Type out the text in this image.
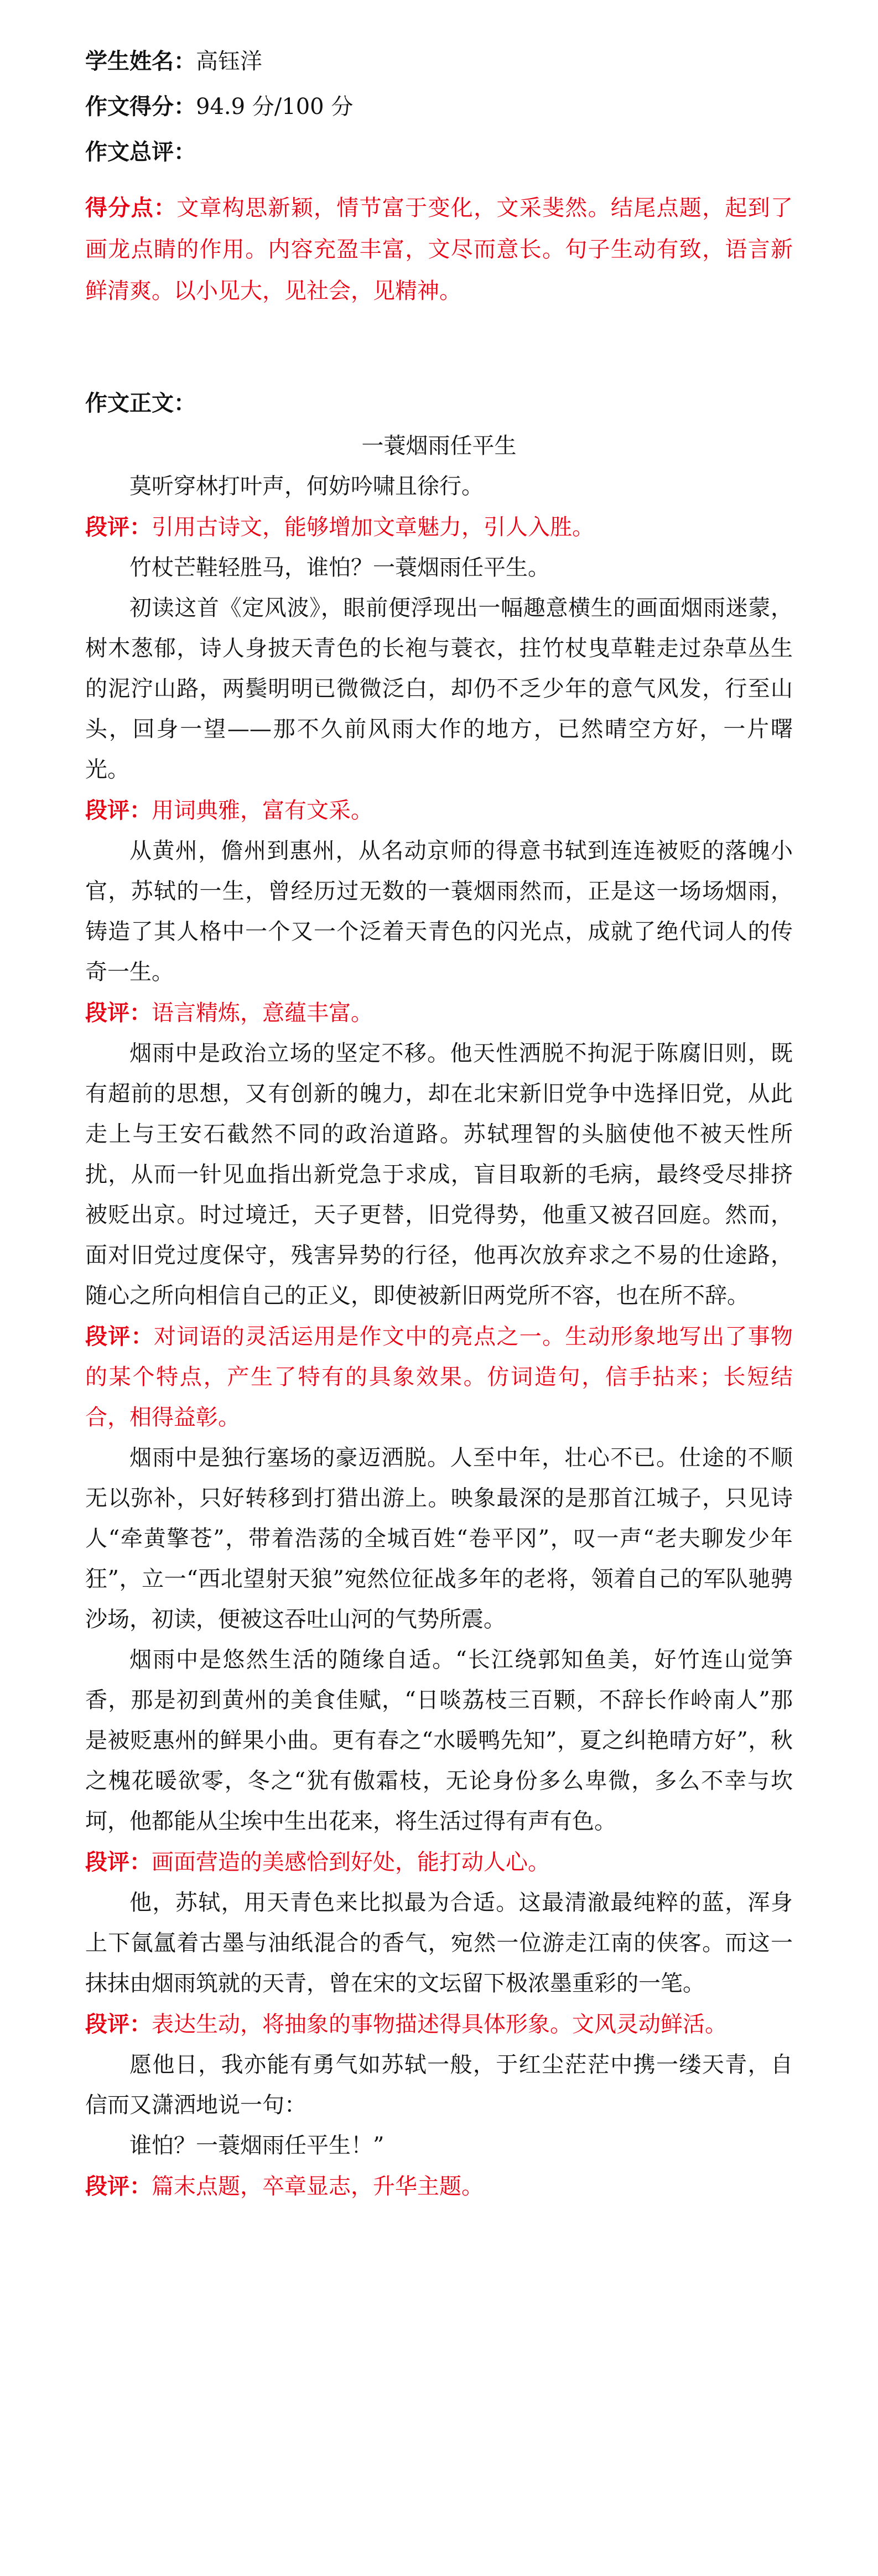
学生姓名：高钰洋
作文得分：94.9 分/100 分
作文总评：
得分点：文章构思新颖，情节富于变化，文采斐然。结尾点题，起到了画龙点睛的作用。内容充盈丰富，文尽而意长。句子生动有致，语言新鲜清爽。以小见大，见社会，见精神。
作文正文：
一蓑烟雨任平生

莫听穿林打叶声，何妨吟啸且徐行。

段评：引用古诗文，能够增加文章魅力，引人入胜。

竹杖芒鞋轻胜马，谁怕？一蓑烟雨任平生。

初读这首《定风波》，眼前便浮现出一幅趣意横生的画面烟雨迷蒙，树木葱郁，诗人身披天青色的长袍与蓑衣，拄竹杖曳草鞋走过杂草丛生的泥泞山路，两鬓明明已微微泛白，却仍不乏少年的意气风发，行至山头，回身一望——那不久前风雨大作的地方，已然晴空方好，一片曙光。

段评：用词典雅，富有文采。

从黄州，儋州到惠州，从名动京师的得意书轼到连连被贬的落魄小官，苏轼的一生，曾经历过无数的一蓑烟雨然而，正是这一场场烟雨，铸造了其人格中一个又一个泛着天青色的闪光点，成就了绝代词人的传奇一生。

段评：语言精炼，意蕴丰富。

烟雨中是政治立场的坚定不移。他天性洒脱不拘泥于陈腐旧则，既有超前的思想，又有创新的魄力，却在北宋新旧党争中选择旧党，从此走上与王安石截然不同的政治道路。苏轼理智的头脑使他不被天性所扰，从而一针见血指出新党急于求成，盲目取新的毛病，最终受尽排挤被贬出京。时过境迁，天子更替，旧党得势，他重又被召回庭。然而，面对旧党过度保守，残害异势的行径，他再次放弃求之不易的仕途路，随心之所向相信自己的正义，即使被新旧两党所不容，也在所不辞。

段评：对词语的灵活运用是作文中的亮点之一。生动形象地写出了事物的某个特点，产生了特有的具象效果。仿词造句，信手拈来；长短结合，相得益彰。

烟雨中是独行塞场的豪迈洒脱。人至中年，壮心不已。仕途的不顺无以弥补，只好转移到打猎出游上。映象最深的是那首江城子，只见诗人“牵黄擎苍”，带着浩荡的全城百姓“卷平冈”，叹一声“老夫聊发少年狂”，立一“西北望射天狼”宛然位征战多年的老将，领着自己的军队驰骋沙场，初读，便被这吞吐山河的气势所震。

烟雨中是悠然生活的随缘自适。“长江绕郭知鱼美，好竹连山觉笋香，那是初到黄州的美食佳赋，“日啖荔枝三百颗，不辞长作岭南人”那是被贬惠州的鲜果小曲。更有春之“水暖鸭先知”，夏之纠艳晴方好”，秋之槐花暖欲零，冬之“犹有傲霜枝，无论身份多么卑微，多么不幸与坎坷，他都能从尘埃中生出花来，将生活过得有声有色。

段评：画面营造的美感恰到好处，能打动人心。

他，苏轼，用天青色来比拟最为合适。这最清澈最纯粹的蓝，浑身上下氤氲着古墨与油纸混合的香气，宛然一位游走江南的侠客。而这一抹抹由烟雨筑就的天青，曾在宋的文坛留下极浓墨重彩的一笔。

段评：表达生动，将抽象的事物描述得具体形象。文风灵动鲜活。

愿他日，我亦能有勇气如苏轼一般，于红尘茫茫中携一缕天青，自信而又潇洒地说一句：

谁怕？一蓑烟雨任平生！”

段评：篇末点题，卒章显志，升华主题。
